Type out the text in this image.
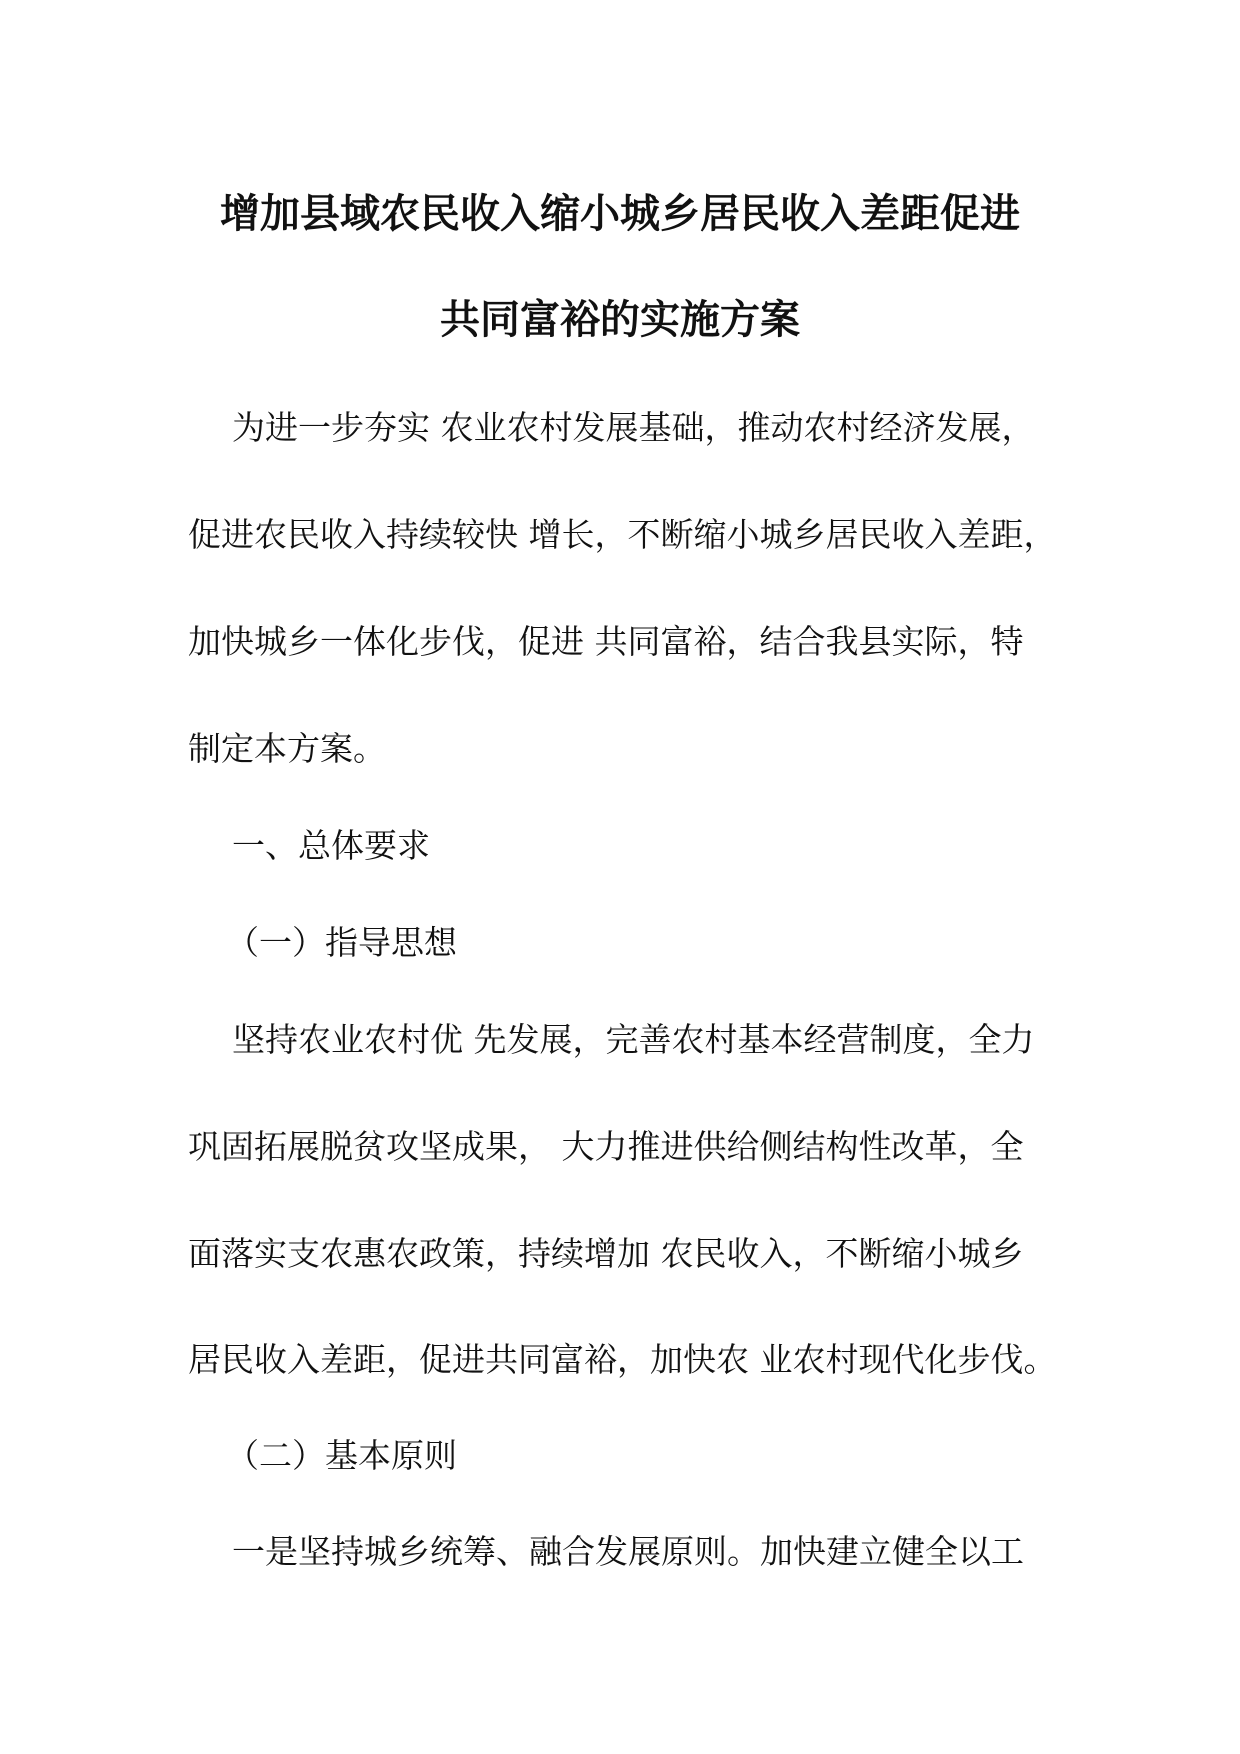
增加县域农民收入缩小城乡居民收入差距促进
共同富裕的实施方案
为进一步夯实 农业农村发展基础，推动农村经济发展，
促进农民收入持续较快 增长，不断缩小城乡居民收入差距，
加快城乡一体化步伐，促进 共同富裕，结合我县实际，特
制定本方案。
一、总体要求
（一）指导思想
坚持农业农村优 先发展，完善农村基本经营制度，全力
巩固拓展脱贫攻坚成果， 大力推进供给侧结构性改革，全
面落实支农惠农政策，持续增加 农民收入，不断缩小城乡
居民收入差距，促进共同富裕，加快农 业农村现代化步伐。
（二）基本原则
一是坚持城乡统筹、融合发展原则。加快建立健全以工
